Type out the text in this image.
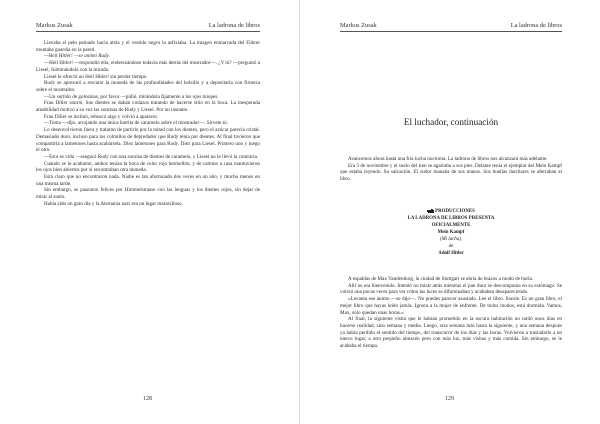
Markus Zusak	La ladrona de libros

Llevaba el pelo peinado hacia atrás y el vestido negro la asfixiaba. La imagen enmarcada del Führer montaba guardia en la pared.

—Heil Hitler! —se animó Rudy.

—Heil Hitler! —respondió ella, enderezándose todavía más detrás del mostrador—. ¿Y tú? —preguntó a Liesel, fulminándola con la mirada.

Liesel le ofreció un Heil Hitler! sin perder tiempo.

Rudy se apresuró a rescatar la moneda de las profundidades del bolsillo y a depositarla con firmeza sobre el mostrador.

—Un surtido de golosinas, por favor —pidió, mirándola fijamente a los ojos miopes.

Frau Diller sonrió. Sus dientes se daban codazos tratando de hacerse sitio en la boca. La inesperada amabilidad motivó a su vez las sonrisas de Rudy y Liesel. Por un instante.

Frau Diller se inclinó, rebuscó algo y volvió a aparecer.

—Toma —dijo, arrojando una única barrita de caramelo sobre el mostrador—. Sírvete tú.

Lo desenvolvieron fuera y trataron de partirlo por la mitad con los dientes, pero el azúcar parecía cristal. Demasiado duro, incluso para los colmillos de depredador que Rudy tenía por dientes. Al final tuvieron que compartirla a lametones hasta acabársela. Diez lametones para Rudy. Diez para Liesel. Primero uno y luego el otro.

—Esto es vida —aseguró Rudy con una sonrisa de dientes de caramelo, y Liesel no le llevó la contraria.

Cuando se lo acabaron, ambos tenían la boca de color rojo bermellón, y de camino a casa mantuvieron los ojos bien abiertos por si encontraban otra moneda.

Está claro que no encontraron nada. Nadie es tan afortunado dos veces en un año, y mucho menos en una misma tarde.

Sin embargo, se pasearon felices por Himmelstrasse con las lenguas y los dientes rojos, sin dejar de mirar al suelo.

Había sido un gran día y la Alemania nazi era un lugar maravilloso.

128
Markus Zusak	La ladrona de libros
El luchador, continuación

Avancemos ahora hasta una fría lucha nocturna. La ladrona de libros nos alcanzará más adelante.

Era 3 de noviembre y el suelo del tren se agarraba a sus pies. Delante tenía el ejemplar del Mein Kampf que estaba leyendo. Su salvación. El sudor manaba de sus manos. Sus huellas dactilares se aferraban al libro.

PRODUCCIONES
LA LADRONA DE LIBROS PRESENTA
OFICIALMENTE
Mein Kampf
(Mi lucha),
de
Adolf Hitler

A espaldas de Max Vandenburg, la ciudad de Stuttgart se abría de brazos a modo de burla.

Allí no era bienvenido. Intentó no mirar atrás mientras el pan duro se descomponía en su estómago. Se volvió una pocas veces para ver cómo las luces se difuminaban y acababan desapareciendo.

«Levanta ese ánimo —se dijo—. No puedes parecer asustado. Lee el libro. Sonríe. Es un gran libro, el mejor libro que hayas leído jamás. Ignora a la mujer de enfrente. De todos modos, está dormida. Vamos, Max, sólo quedan unas horas.»

Al final, la siguiente visita que le habían prometido en la oscura habitación no tardó unos días en hacerse realidad, sino semana y media. Luego, otra semana más hasta la siguiente, y una semana después ya había perdido el sentido del tiempo, del transcurrir de los días y las horas. Volvieron a trasladarlo a un nuevo lugar, a otro pequeño almacén pero con más luz, más visitas y más comida. Sin embargo, se le acababa el tiempo.

129
